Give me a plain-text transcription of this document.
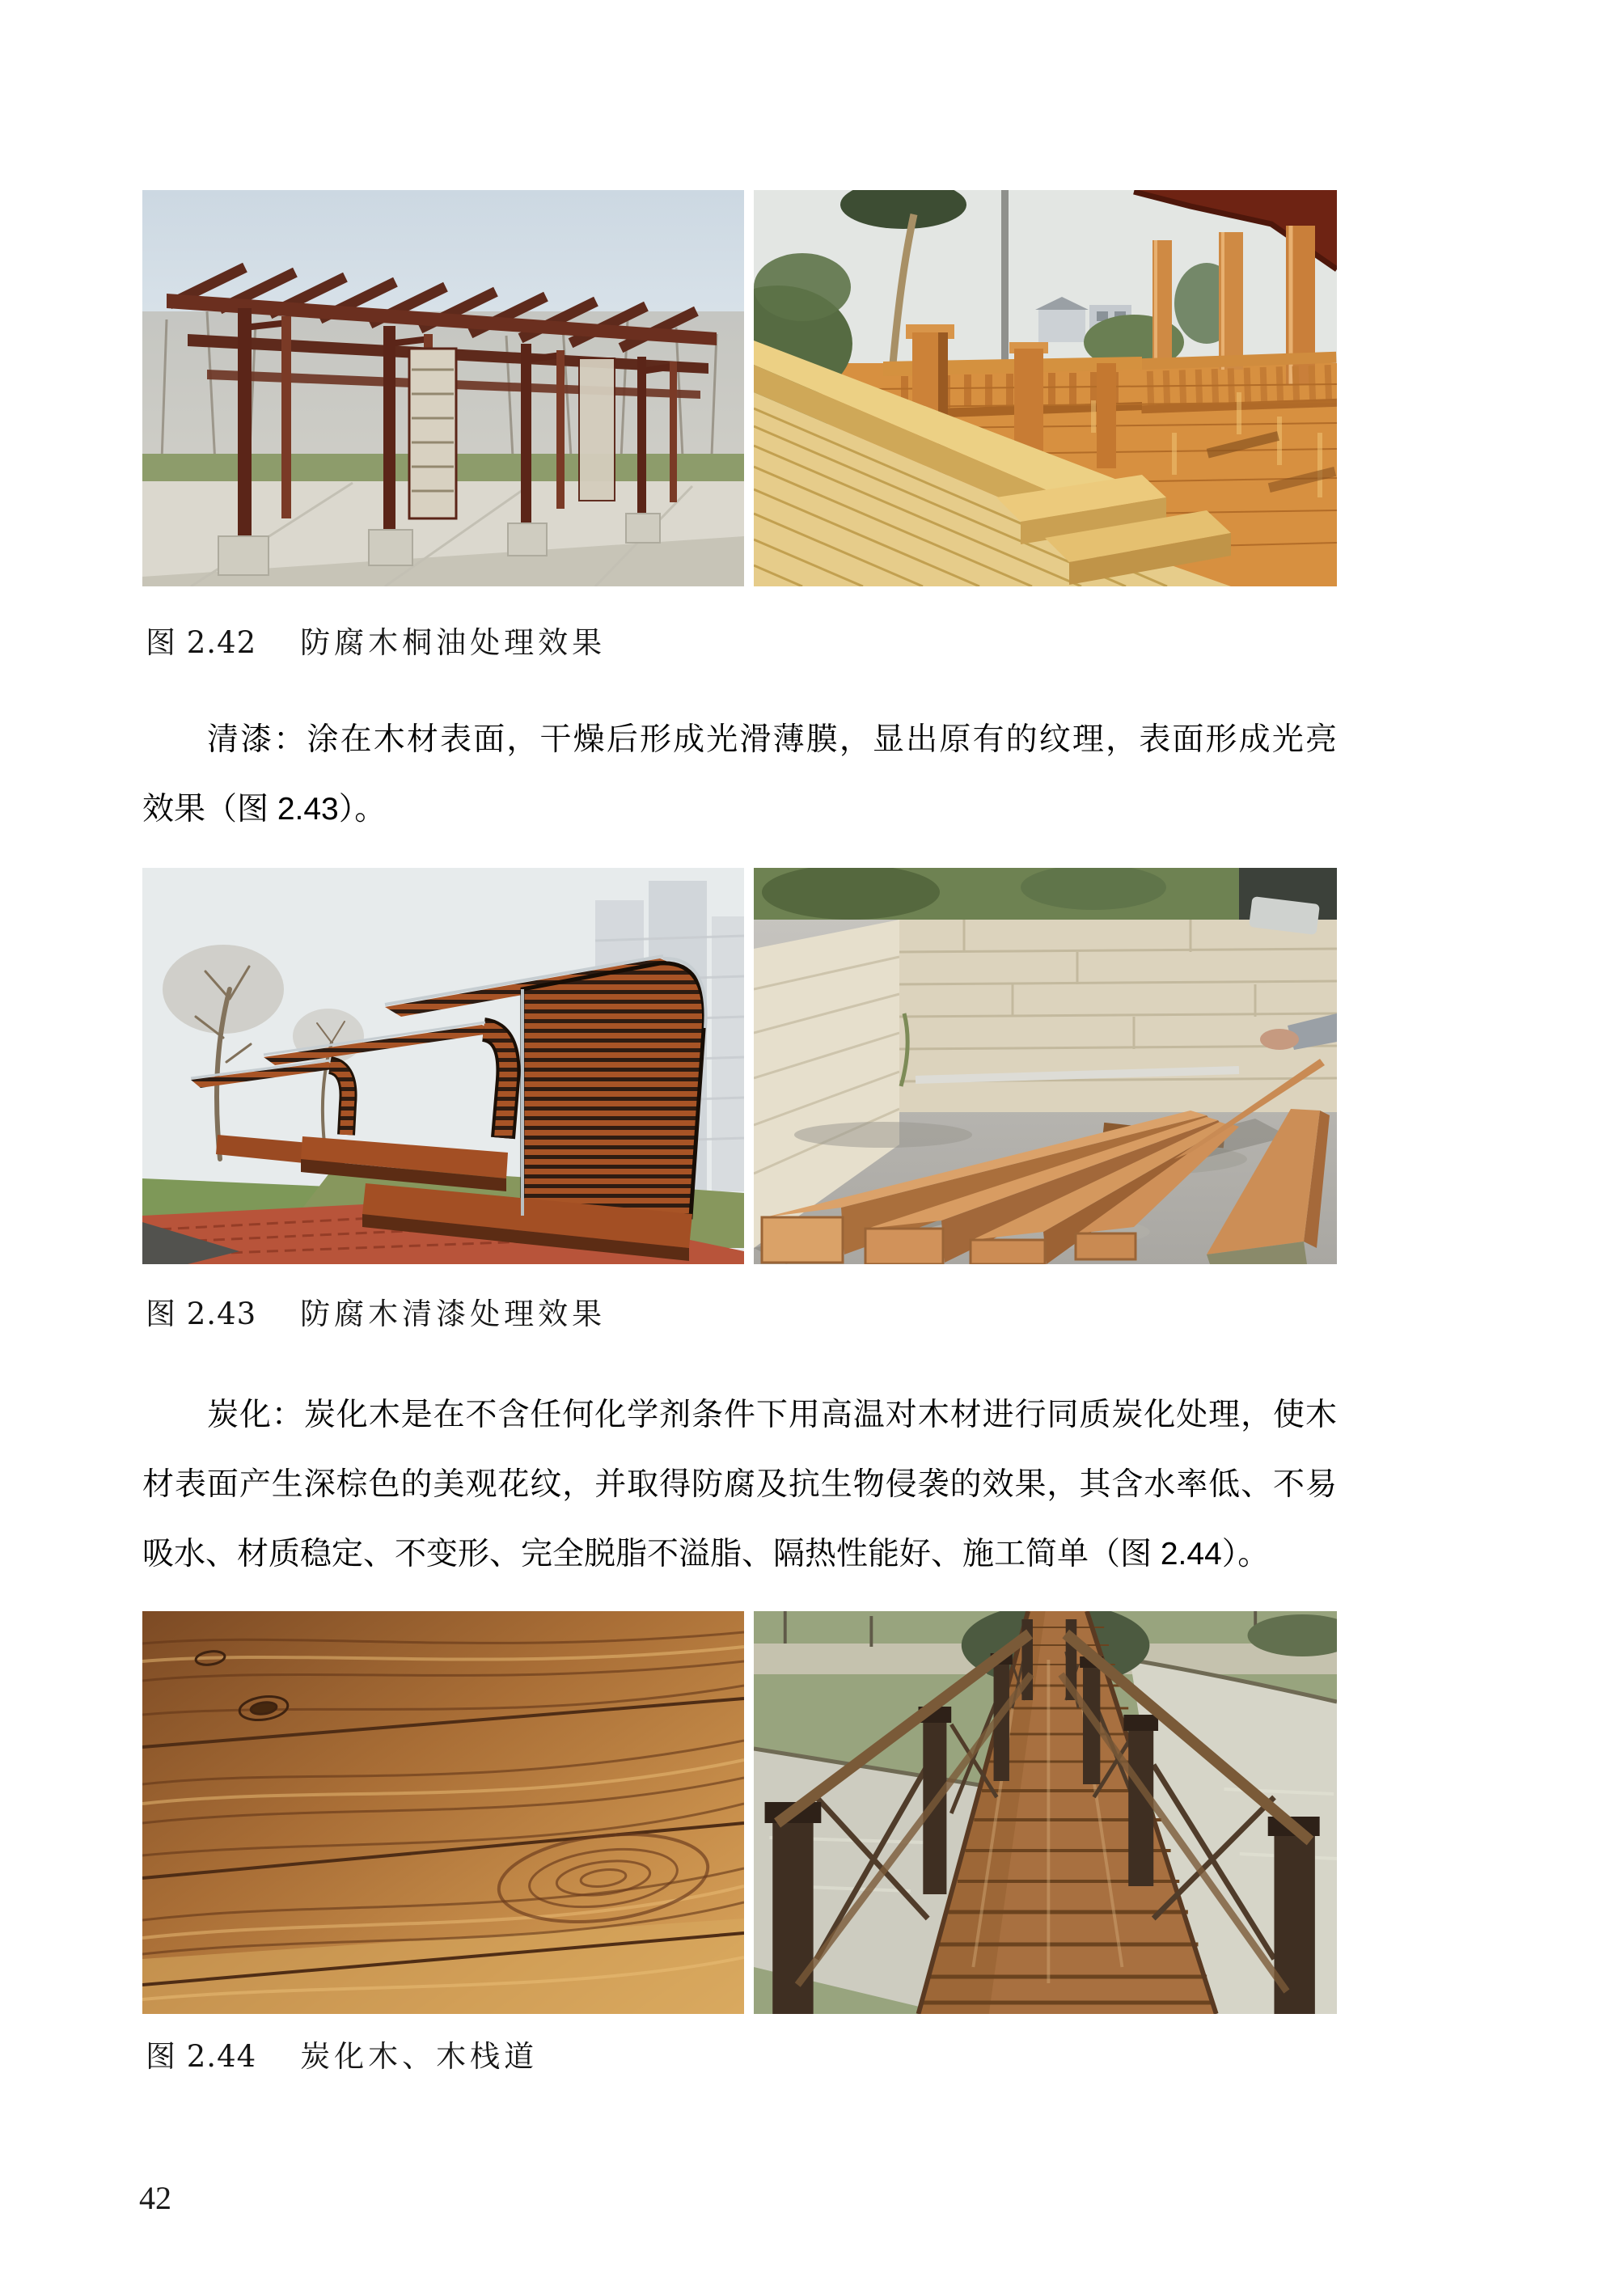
图 2.42 防腐木桐油处理效果
清漆：涂在木材表面，干燥后形成光滑薄膜，显出原有的纹理，表面形成光亮
效果（图 2.43）。
图 2.43 防腐木清漆处理效果
炭化：炭化木是在不含任何化学剂条件下用高温对木材进行同质炭化处理，使木
材表面产生深棕色的美观花纹，并取得防腐及抗生物侵袭的效果，其含水率低、不易
吸水、材质稳定、不变形、完全脱脂不溢脂、隔热性能好、施工简单（图 2.44）。
图 2.44 炭化木、木栈道
42
